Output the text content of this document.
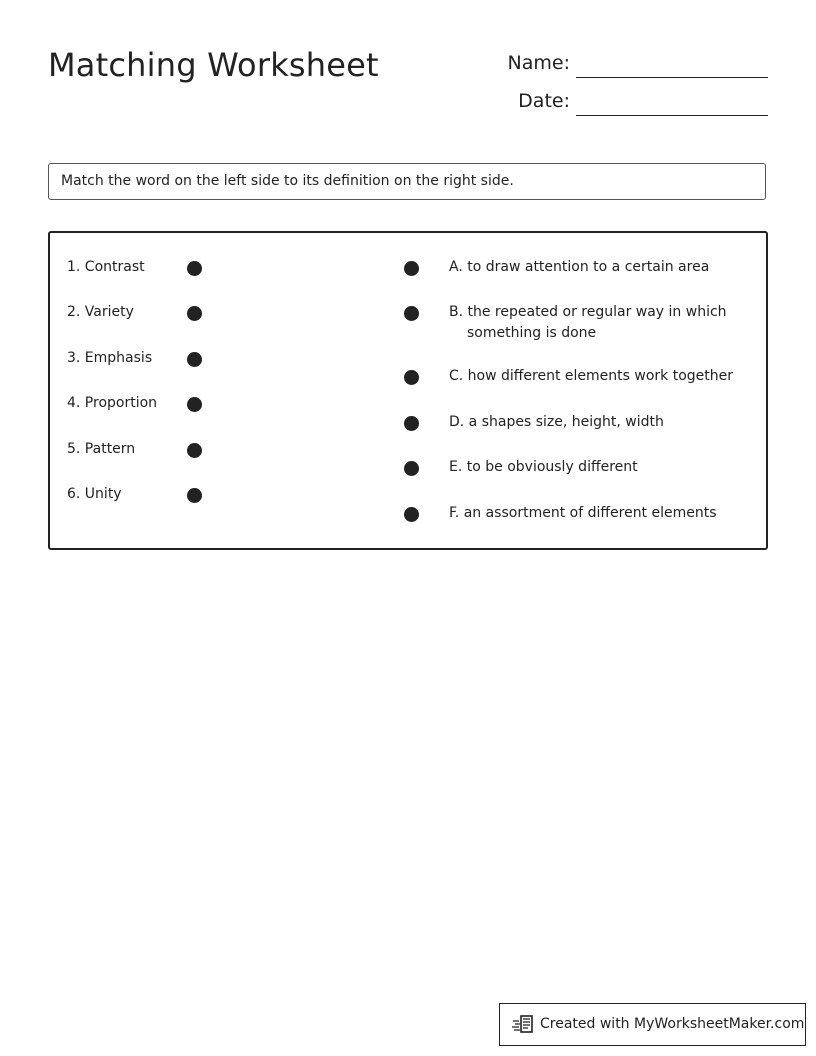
Matching Worksheet	Name:
Date:
Match the word on the left side to its definition on the right side.
1. Contrast
2. Variety
3. Emphasis
4. Proportion
5. Pattern
6. Unity
A. to draw attention to a certain area
B. the repeated or regular way in which
something is done
C. how different elements work together
D. a shapes size, height, width
E. to be obviously different
F. an assortment of different elements
Created with MyWorksheetMaker.com
